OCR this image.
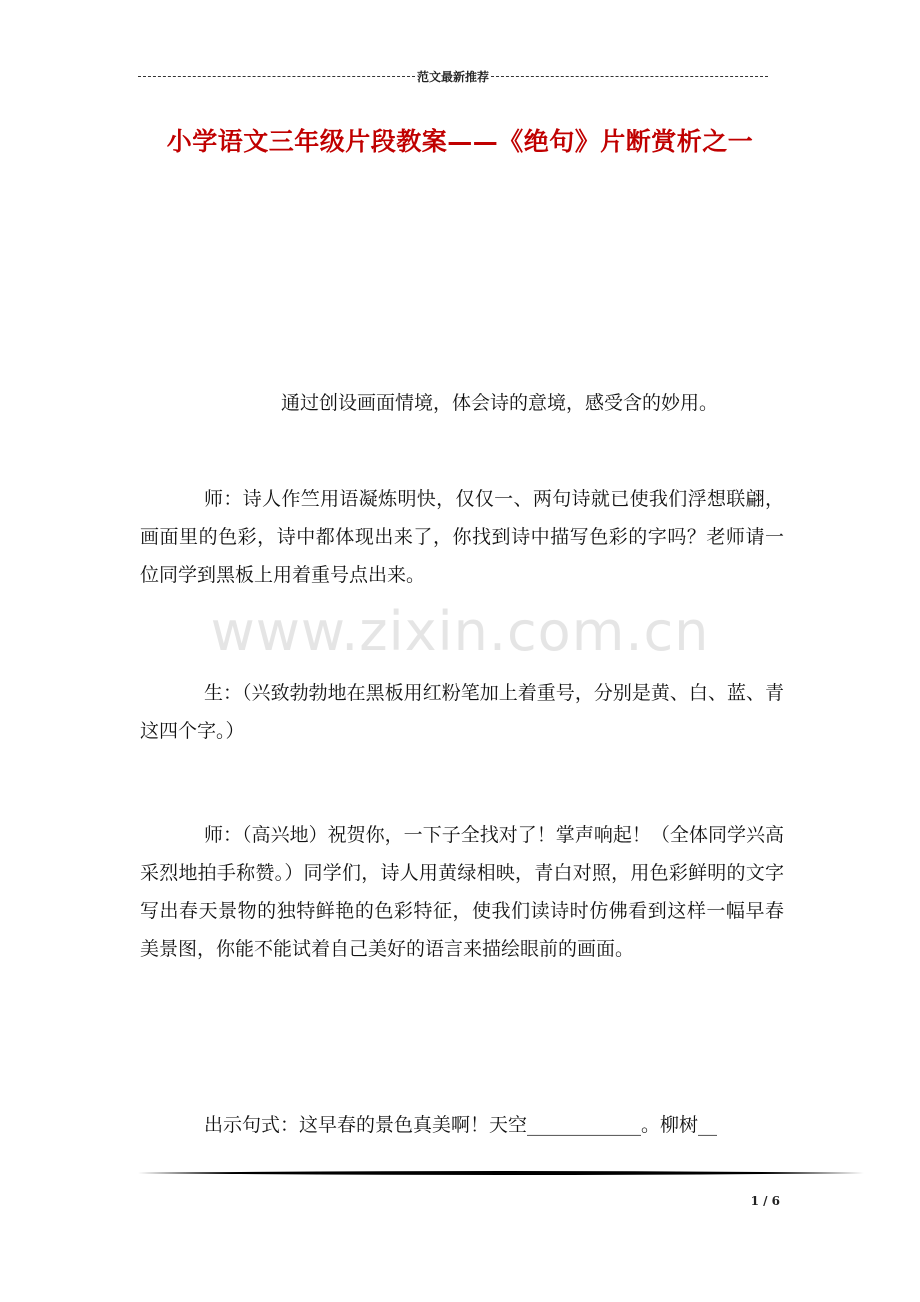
范文最新推荐
小学语文三年级片段教案——《绝句》片断赏析之一

通过创设画面情境，体会诗的意境，感受含的妙用。

师：诗人作竺用语凝炼明快，仅仅一、两句诗就已使我们浮想联翩，画面里的色彩，诗中都体现出来了，你找到诗中描写色彩的字吗？老师请一位同学到黑板上用着重号点出来。

生：（兴致勃勃地在黑板用红粉笔加上着重号，分别是黄、白、蓝、青这四个字。）

师：（高兴地）祝贺你，一下子全找对了！掌声响起！（全体同学兴高采烈地拍手称赞。）同学们，诗人用黄绿相映，青白对照，用色彩鲜明的文字写出春天景物的独特鲜艳的色彩特征，使我们读诗时仿佛看到这样一幅早春美景图，你能不能试着自己美好的语言来描绘眼前的画面。

出示句式：这早春的景色真美啊！天空____________。柳树__

www.zixin.com.cn
1 / 6
